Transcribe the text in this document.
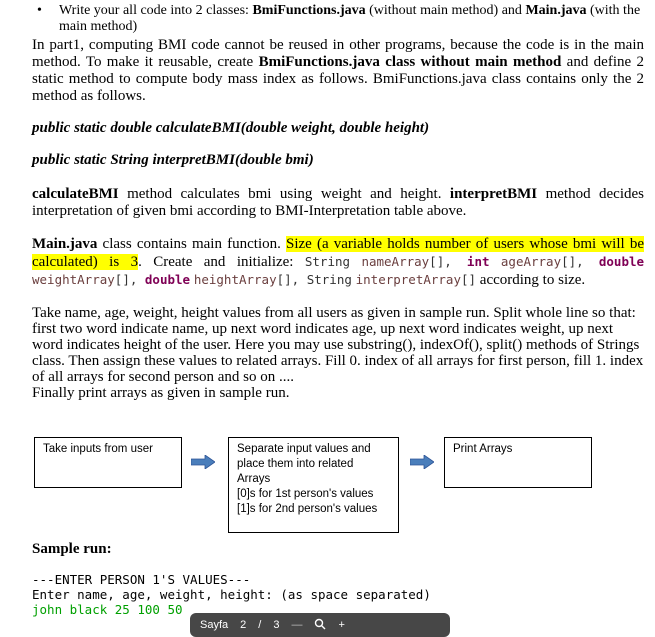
• Write your all code into 2 classes: BmiFunctions.java (without main method) and Main.java (with the main method)

In part1, computing BMI code cannot be reused in other programs, because the code is in the main method. To make it reusable, create BmiFunctions.java class without main method and define 2 static method to compute body mass index as follows. BmiFunctions.java class contains only the 2 method as follows.

public static double calculateBMI(double weight, double height)
public static String interpretBMI(double bmi)

calculateBMI method calculates bmi using weight and height. interpretBMI method decides interpretation of given bmi according to BMI-Interpretation table above.

Main.java class contains main function. Size (a variable holds number of users whose bmi will be calculated) is 3. Create and initialize: String nameArray[], int ageArray[], double weightArray[], double heightArray[], String interpretArray[] according to size.

Take name, age, weight, height values from all users as given in sample run. Split whole line so that: first two word indicate name, up next word indicates age, up next word indicates weight, up next word indicates height of the user. Here you may use substring(), indexOf(), split() methods of Strings class. Then assign these values to related arrays. Fill 0. index of all arrays for first person, fill 1. index of all arrays for second person and so on ....
Finally print arrays as given in sample run.

Take inputs from user	Separate input values and
place them into related
Arrays
[0]s for 1st person's values
[1]s for 2nd person's values
Print Arrays
Sample run:
---ENTER PERSON 1'S VALUES---
Enter name, age, weight, height: (as space separated)
john black 25 100 50
Sayfa 2 / 3 —	+
